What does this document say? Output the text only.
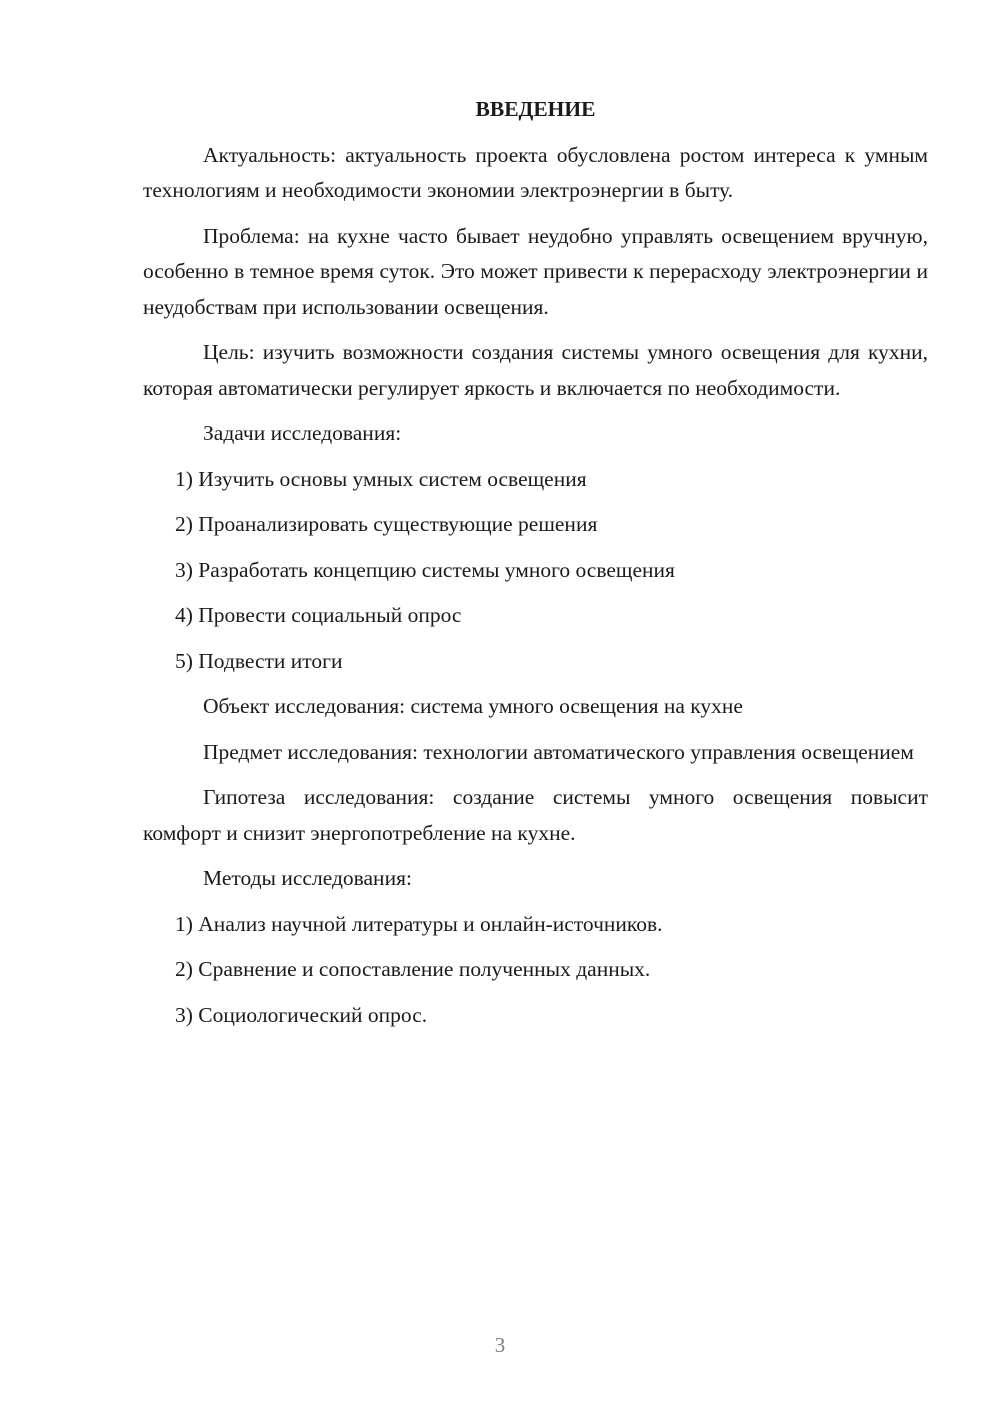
ВВЕДЕНИЕ

Актуальность: актуальность проекта обусловлена ростом интереса к умным технологиям и необходимости экономии электроэнергии в быту.

Проблема: на кухне часто бывает неудобно управлять освещением вручную, особенно в темное время суток. Это может привести к перерасходу электроэнергии и неудобствам при использовании освещения.

Цель: изучить возможности создания системы умного освещения для кухни, которая автоматически регулирует яркость и включается по необходимости.

Задачи исследования:

1) Изучить основы умных систем освещения

2) Проанализировать существующие решения

3) Разработать концепцию системы умного освещения

4) Провести социальный опрос

5) Подвести итоги

Объект исследования: система умного освещения на кухне

Предмет исследования: технологии автоматического управления освещением

Гипотеза исследования: создание системы умного освещения повысит комфорт и снизит энергопотребление на кухне.

Методы исследования:

1) Анализ научной литературы и онлайн-источников.

2) Сравнение и сопоставление полученных данных.

3) Социологический опрос.

3
